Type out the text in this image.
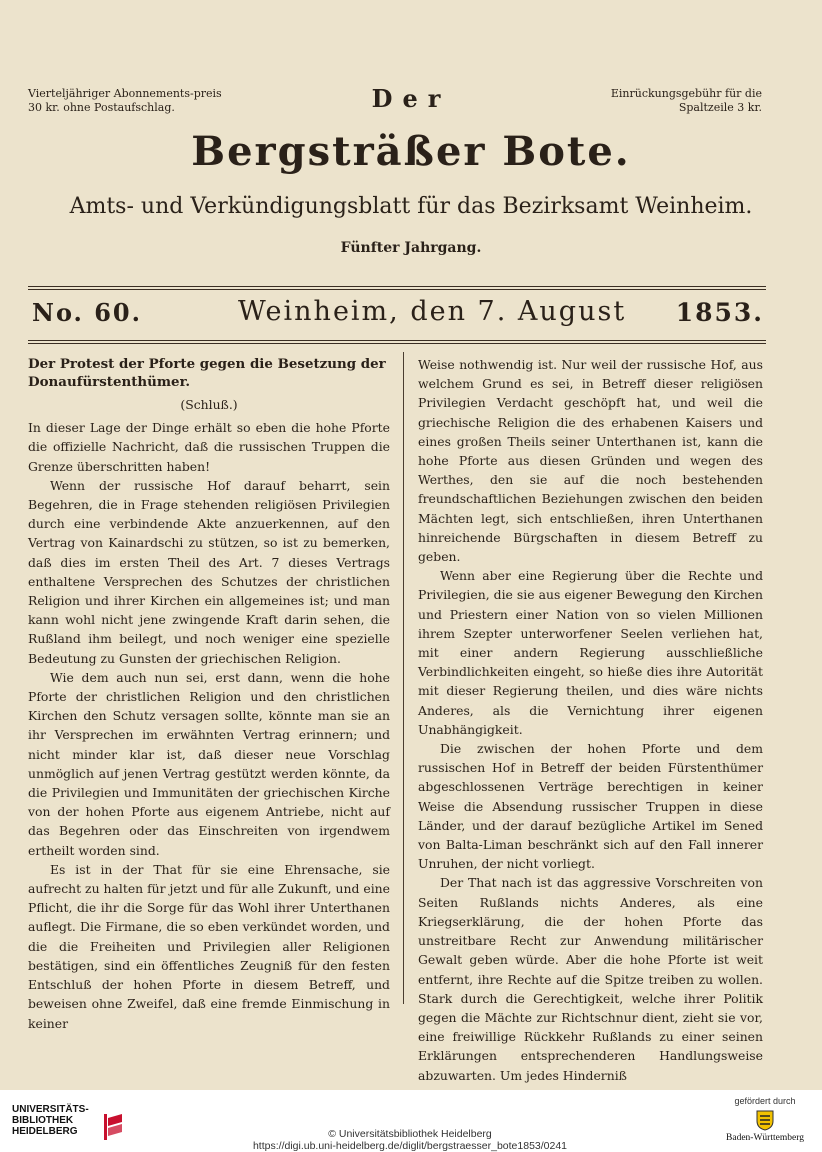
Vierteljähriger Abonnements-preis 30 kr. ohne Postaufschlag.	Der	Einrückungsgebühr für die Spaltzeile 3 kr.
Bergsträßer Bote.
Amts- und Verkündigungsblatt für das Bezirksamt Weinheim.
Fünfter Jahrgang.
No. 60.	Weinheim, den 7. August 1853.
Der Protest der Pforte gegen die Besetzung der Donaufürstenthümer.
(Schluß.)

In dieser Lage der Dinge erhält so eben die hohe Pforte die offizielle Nachricht, daß die russischen Truppen die Grenze überschritten haben!

Wenn der russische Hof darauf beharrt, sein Begehren, die in Frage stehenden religiösen Privilegien durch eine verbindende Akte anzuerkennen, auf den Vertrag von Kainardschi zu stützen, so ist zu bemerken, daß dies im ersten Theil des Art. 7 dieses Vertrags enthaltene Versprechen des Schutzes der christlichen Religion und ihrer Kirchen ein allgemeines ist; und man kann wohl nicht jene zwingende Kraft darin sehen, die Rußland ihm beilegt, und noch weniger eine spezielle Bedeutung zu Gunsten der griechischen Religion.

Wie dem auch nun sei, erst dann, wenn die hohe Pforte der christlichen Religion und den christlichen Kirchen den Schutz versagen sollte, könnte man sie an ihr Versprechen im erwähnten Vertrag erinnern; und nicht minder klar ist, daß dieser neue Vorschlag unmöglich auf jenen Vertrag gestützt werden könnte, da die Privilegien und Immunitäten der griechischen Kirche von der hohen Pforte aus eigenem Antriebe, nicht auf das Begehren oder das Einschreiten von irgendwem ertheilt worden sind.

Es ist in der That für sie eine Ehrensache, sie aufrecht zu halten für jetzt und für alle Zukunft, und eine Pflicht, die ihr die Sorge für das Wohl ihrer Unterthanen auflegt. Die Firmane, die so eben verkündet worden, und die die Freiheiten und Privilegien aller Religionen bestätigen, sind ein öffentliches Zeugniß für den festen Entschluß der hohen Pforte in diesem Betreff, und beweisen ohne Zweifel, daß eine fremde Einmischung in keiner

Weise nothwendig ist. Nur weil der russische Hof, aus welchem Grund es sei, in Betreff dieser religiösen Privilegien Verdacht geschöpft hat, und weil die griechische Religion die des erhabenen Kaisers und eines großen Theils seiner Unterthanen ist, kann die hohe Pforte aus diesen Gründen und wegen des Werthes, den sie auf die noch bestehenden freundschaftlichen Beziehungen zwischen den beiden Mächten legt, sich entschließen, ihren Unterthanen hinreichende Bürgschaften in diesem Betreff zu geben.

Wenn aber eine Regierung über die Rechte und Privilegien, die sie aus eigener Bewegung den Kirchen und Priestern einer Nation von so vielen Millionen ihrem Szepter unterworfener Seelen verliehen hat, mit einer andern Regierung ausschließliche Verbindlichkeiten eingeht, so hieße dies ihre Autorität mit dieser Regierung theilen, und dies wäre nichts Anderes, als die Vernichtung ihrer eigenen Unabhängigkeit.

Die zwischen der hohen Pforte und dem russischen Hof in Betreff der beiden Fürstenthümer abgeschlossenen Verträge berechtigen in keiner Weise die Absendung russischer Truppen in diese Länder, und der darauf bezügliche Artikel im Sened von Balta-Liman beschränkt sich auf den Fall innerer Unruhen, der nicht vorliegt.

Der That nach ist das aggressive Vorschreiten von Seiten Rußlands nichts Anderes, als eine Kriegserklärung, die der hohen Pforte das unstreitbare Recht zur Anwendung militärischer Gewalt geben würde. Aber die hohe Pforte ist weit entfernt, ihre Rechte auf die Spitze treiben zu wollen. Stark durch die Gerechtigkeit, welche ihrer Politik gegen die Mächte zur Richtschnur dient, zieht sie vor, eine freiwillige Rückkehr Rußlands zu einer seinen Erklärungen entsprechenderen Handlungsweise abzuwarten. Um jedes Hinderniß

UNIVERSITÄTS-
BIBLIOTHEK
HEIDELBERG	© Universitätsbibliothek Heidelberg
https://digi.ub.uni-heidelberg.de/diglit/bergstraesser_bote1853/0241
gefördert durch
Baden-Württemberg
